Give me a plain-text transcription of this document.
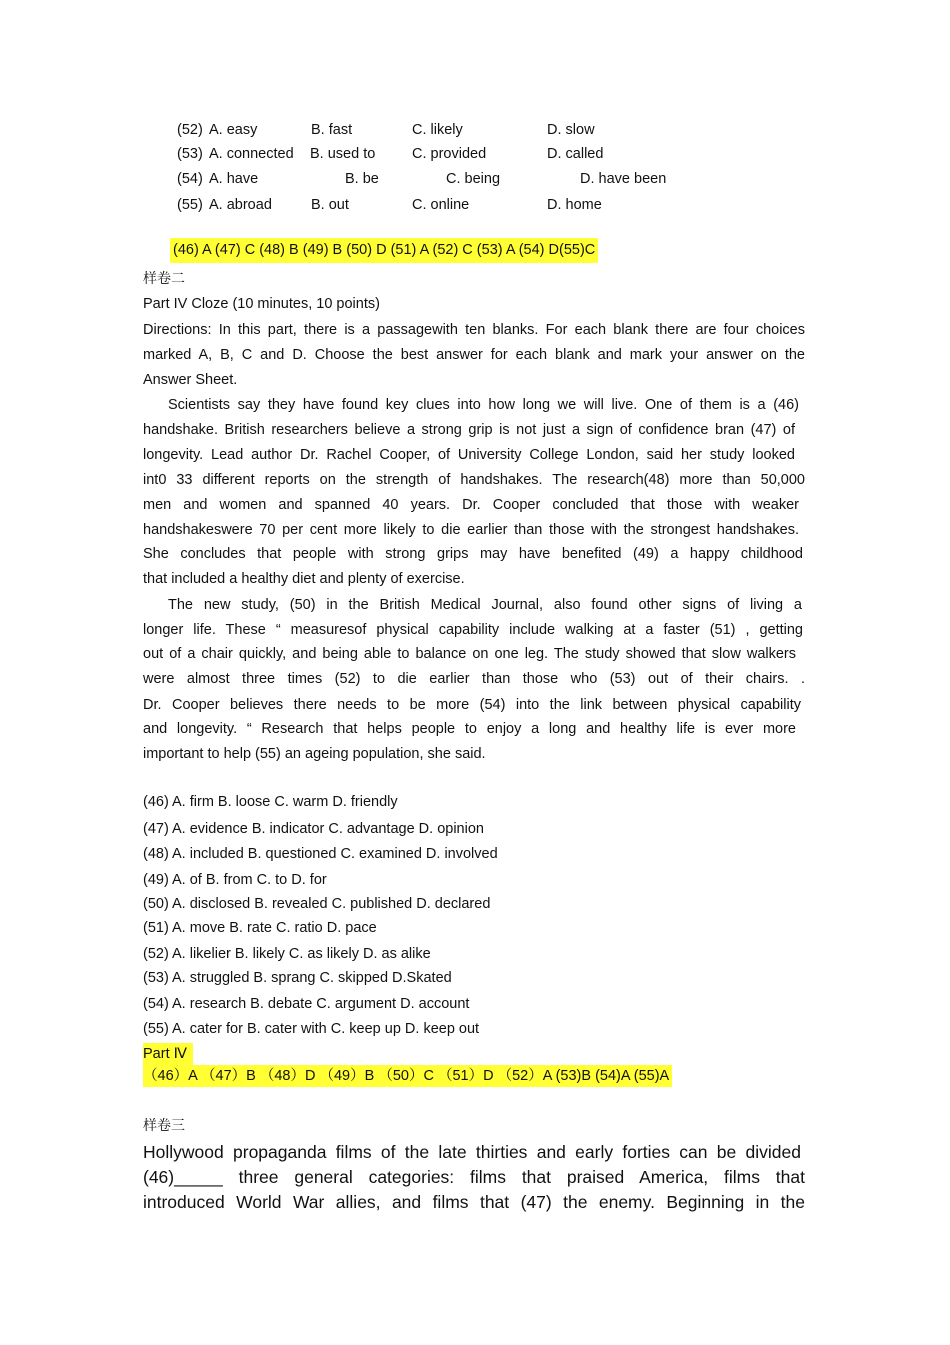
(52) A. easy	B. fast	C. likely	D. slow
(53) A. connected B. used to	C. provided	D. called
(54) A. have	B. be	C. being	D. have been
(55) A. abroad	B. out	C. online	D. home
(46) A (47) C (48) B (49) B (50) D (51) A (52) C (53) A (54) D(55)C
样卷二
Part IV Cloze (10 minutes, 10 points)
Directions: In this part, there is a passagewith ten blanks. For each blank there are four choices
marked A, B, C and D. Choose the best answer for each blank and mark your answer on the
Answer Sheet.
Scientists say they have found key clues into how long we will live. One of them is a (46)
handshake. British researchers believe a strong grip is not just a sign of confidence bran (47) of
longevity. Lead author Dr. Rachel Cooper, of University College London, said her study looked
int0 33 different reports on the strength of handshakes. The research(48) more than 50,000
men and women and spanned 40 years. Dr. Cooper concluded that those with weaker
handshakeswere 70 per cent more likely to die earlier than those with the strongest handshakes.
She concludes that people with strong grips may have benefited (49) a happy childhood
that included a healthy diet and plenty of exercise.
The new study, (50) in the British Medical Journal, also found other signs of living a
longer life. These “ measuresof physical capability include walking at a faster (51) , getting
out of a chair quickly, and being able to balance on one leg. The study showed that slow walkers
were almost three times (52) to die earlier than those who (53) out of their chairs. .
Dr. Cooper believes there needs to be more (54) into the link between physical capability
and longevity. “ Research that helps people to enjoy a long and healthy life is ever more
important to help (55) an ageing population, she said.
(46) A. firm B. loose C. warm D. friendly
(47) A. evidence B. indicator C. advantage D. opinion
(48) A. included B. questioned C. examined D. involved
(49) A. of B. from C. to D. for
(50) A. disclosed B. revealed C. published D. declared
(51) A. move B. rate C. ratio D. pace
(52) A. likelier B. likely C. as likely D. as alike
(53) A. struggled B. sprang C. skipped D.Skated
(54) A. research B. debate C. argument D. account
(55) A. cater for B. cater with C. keep up D. keep out
Part Ⅳ
（46）A （47）B （48）D （49）B （50）C （51）D （52）A (53)B (54)A (55)A
样卷三
Hollywood propaganda films of the late thirties and early forties can be divided
(46)_____ three general categories: films that praised America, films that
introduced World War allies, and films that (47) the enemy. Beginning in the
